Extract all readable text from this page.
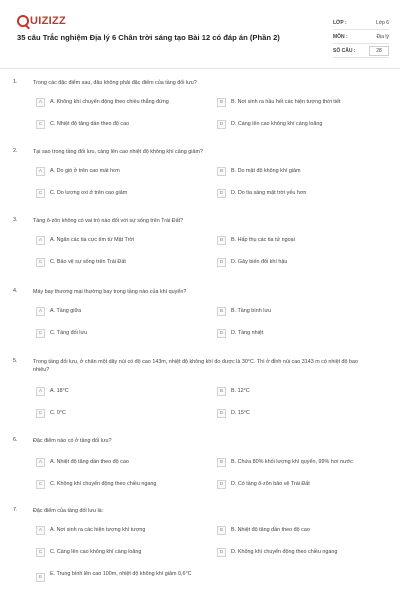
UIZIZZ
35 câu Trắc nghiệm Địa lý 6 Chân trời sáng tạo Bài 12 có đáp án (Phần 2)
LỚP :	Lớp 6
MÔN :	Địa lý
SỐ CÂU :	28
1.	Trong các đặc điểm sau, đâu không phải đặc điểm của tầng đối lưu?
A	A. Không khí chuyển động theo chiều thẳng đứng	B	B. Nơi sinh ra hầu hết các hiện tượng thời tiết
C	C. Nhiệt độ tăng dần theo độ cao	D	D. Càng lên cao không khí càng loãng
2.	Tại sao trong tầng đối lưu, càng lên cao nhiệt độ không khí càng giảm?
A	A. Do gió ở trên cao mát hơn	B	B. Do mật độ không khí giảm
C	C. Do lượng oxi ở trên cao giảm	D	D. Do tia sáng mặt trời yếu hơn
3.	Tầng ô-zôn không có vai trò nào đối với sự sống trên Trái Đất?
A	A. Ngăn các tia cực tím từ Mặt Trời	B	B. Hấp thụ các tia tử ngoại
C	C. Bảo vệ sự sống trên Trái Đất	D	D. Gây biến đổi khí hậu
4.	Máy bay thương mại thường bay trong tầng nào của khí quyển?
A	A. Tầng giữa	B	B. Tầng bình lưu
C	C. Tầng đối lưu	D	D. Tầng nhiệt
5.	Trong tầng đối lưu, ở chân một dãy núi có độ cao 143m, nhiệt độ không khí đo được là 30°C. Thì ở đỉnh núi cao 3143 m có nhiệt độ bao nhiêu?
A	A. 18°C	B	B. 12°C
C	C. 0°C	D	D. 15°C
6.	Đặc điểm nào có ở tầng đối lưu?
A	A. Nhiệt độ tăng dần theo độ cao	B	B. Chứa 80% khối lượng khí quyển, 99% hơi nước
C	C. Không khí chuyển động theo chiều ngang	D	D. Có tầng ô-zôn bảo vệ Trái Đất
7.	Đặc điểm của tầng đối lưu là:
A	A. Nơi sinh ra các hiện tượng khí tượng	B	B. Nhiệt độ tăng dần theo độ cao
C	C. Càng lên cao không khí càng loãng	D	D. Không khí chuyển động theo chiều ngang
E
E. Trung bình lên cao 100m, nhiệt độ không khí giảm 0,6°C
